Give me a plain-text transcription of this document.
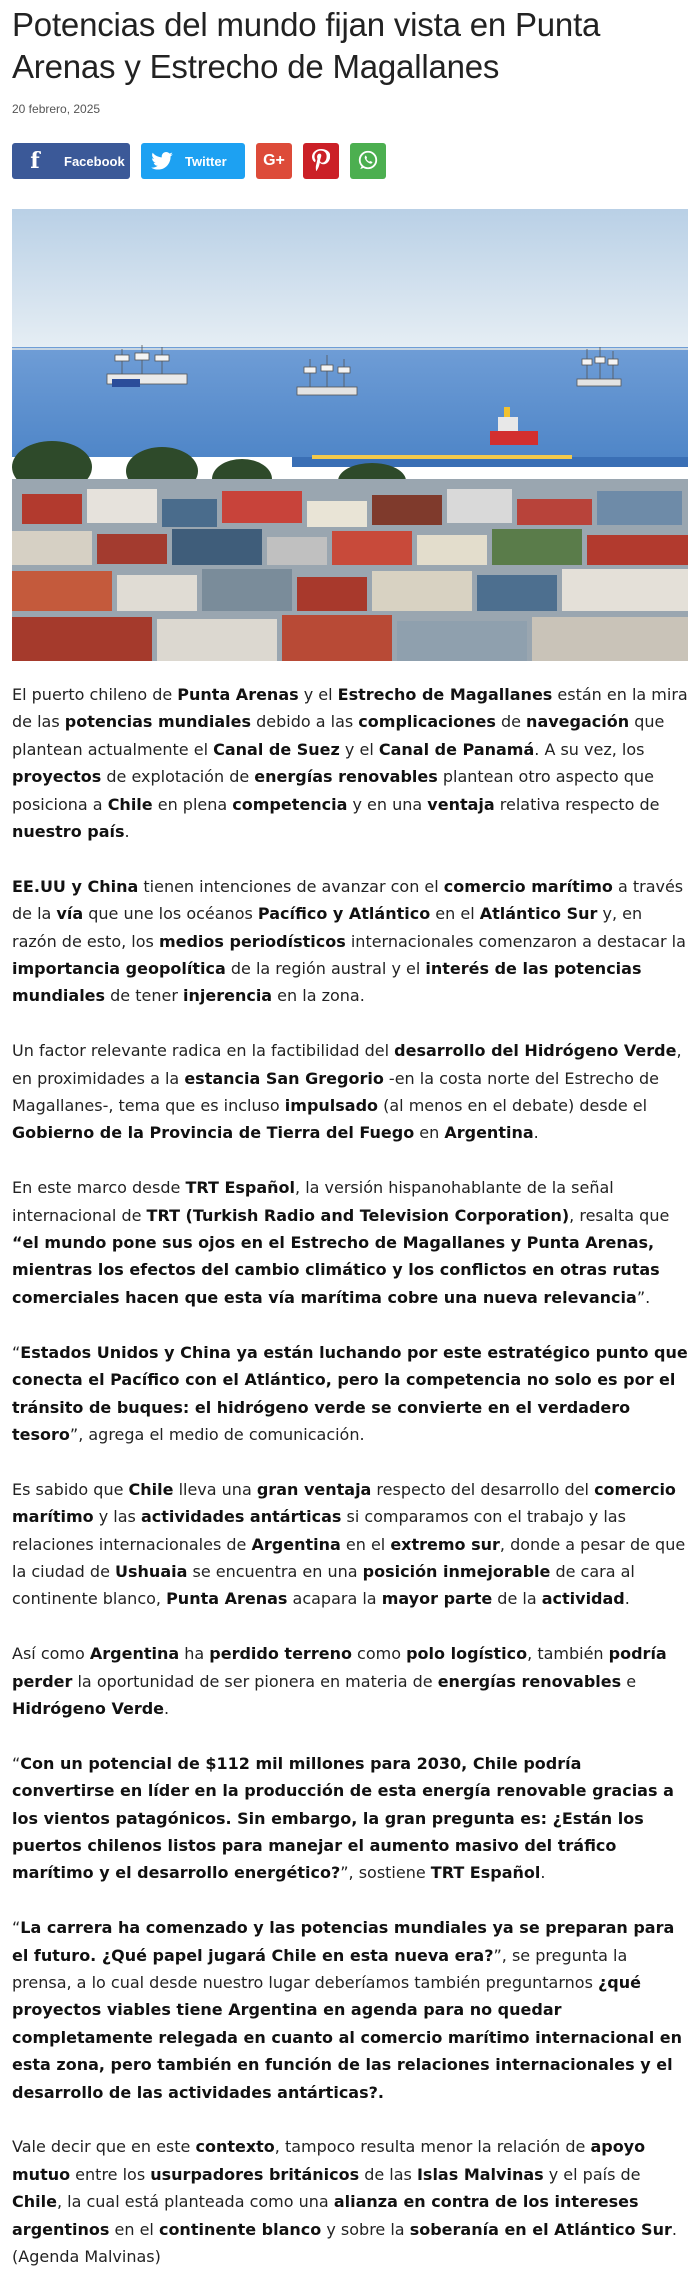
Potencias del mundo fijan vista en Punta Arenas y Estrecho de Magallanes
20 febrero, 2025
f	Facebook	Twitter G+

El puerto chileno de Punta Arenas y el Estrecho de Magallanes están en la mira de las potencias mundiales debido a las complicaciones de navegación que plantean actualmente el Canal de Suez y el Canal de Panamá. A su vez, los proyectos de explotación de energías renovables plantean otro aspecto que posiciona a Chile en plena competencia y en una ventaja relativa respecto de nuestro país.

EE.UU y China tienen intenciones de avanzar con el comercio marítimo a través de la vía que une los océanos Pacífico y Atlántico en el Atlántico Sur y, en razón de esto, los medios periodísticos internacionales comenzaron a destacar la importancia geopolítica de la región austral y el interés de las potencias mundiales de tener injerencia en la zona.

Un factor relevante radica en la factibilidad del desarrollo del Hidrógeno Verde, en proximidades a la estancia San Gregorio -en la costa norte del Estrecho de Magallanes-, tema que es incluso impulsado (al menos en el debate) desde el Gobierno de la Provincia de Tierra del Fuego en Argentina.

En este marco desde TRT Español, la versión hispanohablante de la señal internacional de TRT (Turkish Radio and Television Corporation), resalta que “el mundo pone sus ojos en el Estrecho de Magallanes y Punta Arenas, mientras los efectos del cambio climático y los conflictos en otras rutas comerciales hacen que esta vía marítima cobre una nueva relevancia”.

“Estados Unidos y China ya están luchando por este estratégico punto que conecta el Pacífico con el Atlántico, pero la competencia no solo es por el tránsito de buques: el hidrógeno verde se convierte en el verdadero tesoro”, agrega el medio de comunicación.

Es sabido que Chile lleva una gran ventaja respecto del desarrollo del comercio marítimo y las actividades antárticas si comparamos con el trabajo y las relaciones internacionales de Argentina en el extremo sur, donde a pesar de que la ciudad de Ushuaia se encuentra en una posición inmejorable de cara al continente blanco, Punta Arenas acapara la mayor parte de la actividad.

Así como Argentina ha perdido terreno como polo logístico, también podría perder la oportunidad de ser pionera en materia de energías renovables e Hidrógeno Verde.

“Con un potencial de $112 mil millones para 2030, Chile podría convertirse en líder en la producción de esta energía renovable gracias a los vientos patagónicos. Sin embargo, la gran pregunta es: ¿Están los puertos chilenos listos para manejar el aumento masivo del tráfico marítimo y el desarrollo energético?”, sostiene TRT Español.

“La carrera ha comenzado y las potencias mundiales ya se preparan para el futuro. ¿Qué papel jugará Chile en esta nueva era?”, se pregunta la prensa, a lo cual desde nuestro lugar deberíamos también preguntarnos ¿qué proyectos viables tiene Argentina en agenda para no quedar completamente relegada en cuanto al comercio marítimo internacional en esta zona, pero también en función de las relaciones internacionales y el desarrollo de las actividades antárticas?.

Vale decir que en este contexto, tampoco resulta menor la relación de apoyo mutuo entre los usurpadores británicos de las Islas Malvinas y el país de Chile, la cual está planteada como una alianza en contra de los intereses argentinos en el continente blanco y sobre la soberanía en el Atlántico Sur. (Agenda Malvinas)
